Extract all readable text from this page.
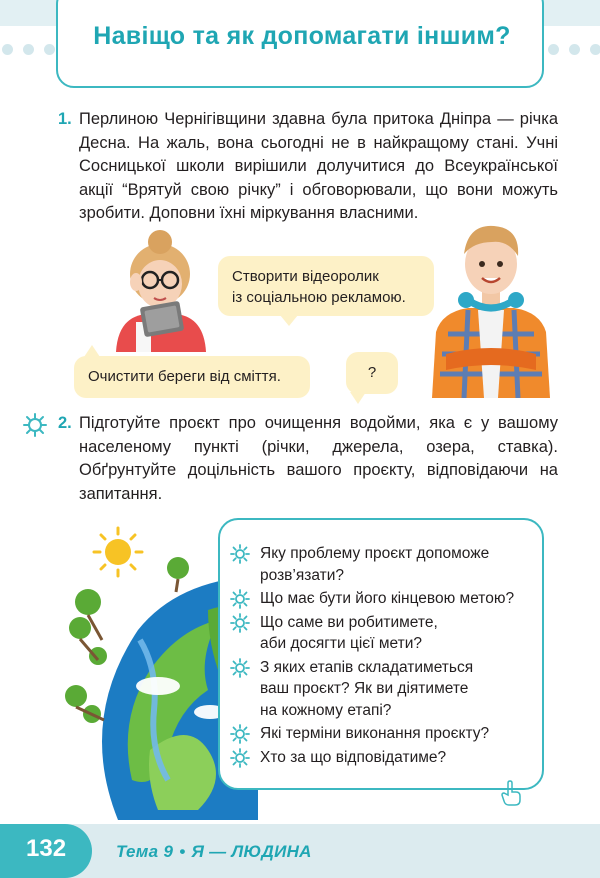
Навіщо та як допомагати іншим?
1. Перлиною Чернігівщини здавна була притока Дніпра — річка Десна. На жаль, вона сьогодні не в найкращому стані. Учні Сосницької школи вирішили долучитися до Всеукраїнської акції “Врятуй свою річку” і обговорювали, що вони можуть зробити. Доповни їхні міркування власними.

Створити відеоролик
із соціальною рекламою.
Очистити береги від сміття.	?
2. Підготуйте проєкт про очищення водойми, яка є у вашому населеному пункті (річки, джерела, озера, ставка). Обґрунтуйте доцільність вашого проєкту, відповідаючи на запитання.

Яку проблему проєкт допоможе
розв’язати?
Що має бути його кінцевою метою?
Що саме ви робитимете,
аби досягти цієї мети?
З яких етапів складатиметься
ваш проєкт? Як ви діятимете
на кожному етапі?
Які терміни виконання проєкту?
Хто за що відповідатиме?
132	Тема 9 • Я — ЛЮДИНА
